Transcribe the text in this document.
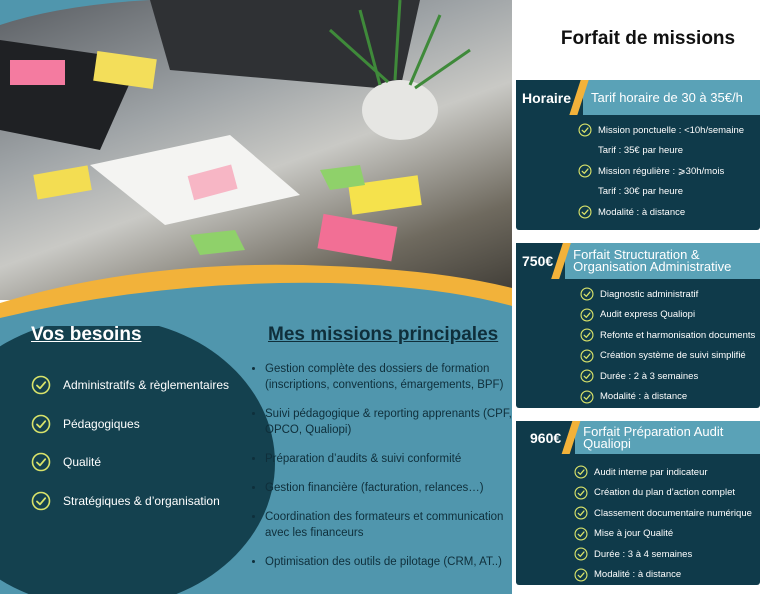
Vos besoins
Administratifs & règlementaires
Pédagogiques
Qualité
Stratégiques & d’organisation
Mes missions principales
• Gestion complète des dossiers de formation (inscriptions, conventions, émargements, BPF)
• Suivi pédagogique & reporting apprenants (CPF, OPCO, Qualiopi)
• Préparation d’audits & suivi conformité
• Gestion financière (facturation, relances…)
• Coordination des formateurs et communication avec les financeurs
• Optimisation des outils de pilotage (CRM, AT..)
Forfait de missions
Horaire	Tarif horaire de 30 à 35€/h
Mission ponctuelle : <10h/semaine
Tarif : 35€ par heure
Mission régulière : ⩾30h/mois
Tarif : 30€ par heure
Modalité : à distance
750€	Forfait Structuration & Organisation Administrative
Diagnostic administratif
Audit express Qualiopi
Refonte et harmonisation documents
Création système de suivi simplifié
Durée : 2 à 3 semaines
Modalité : à distance
960€	Forfait Préparation Audit Qualiopi
Audit interne par indicateur
Création du plan d’action complet
Classement documentaire numérique
Mise à jour Qualité
Durée : 3 à 4 semaines
Modalité : à distance
